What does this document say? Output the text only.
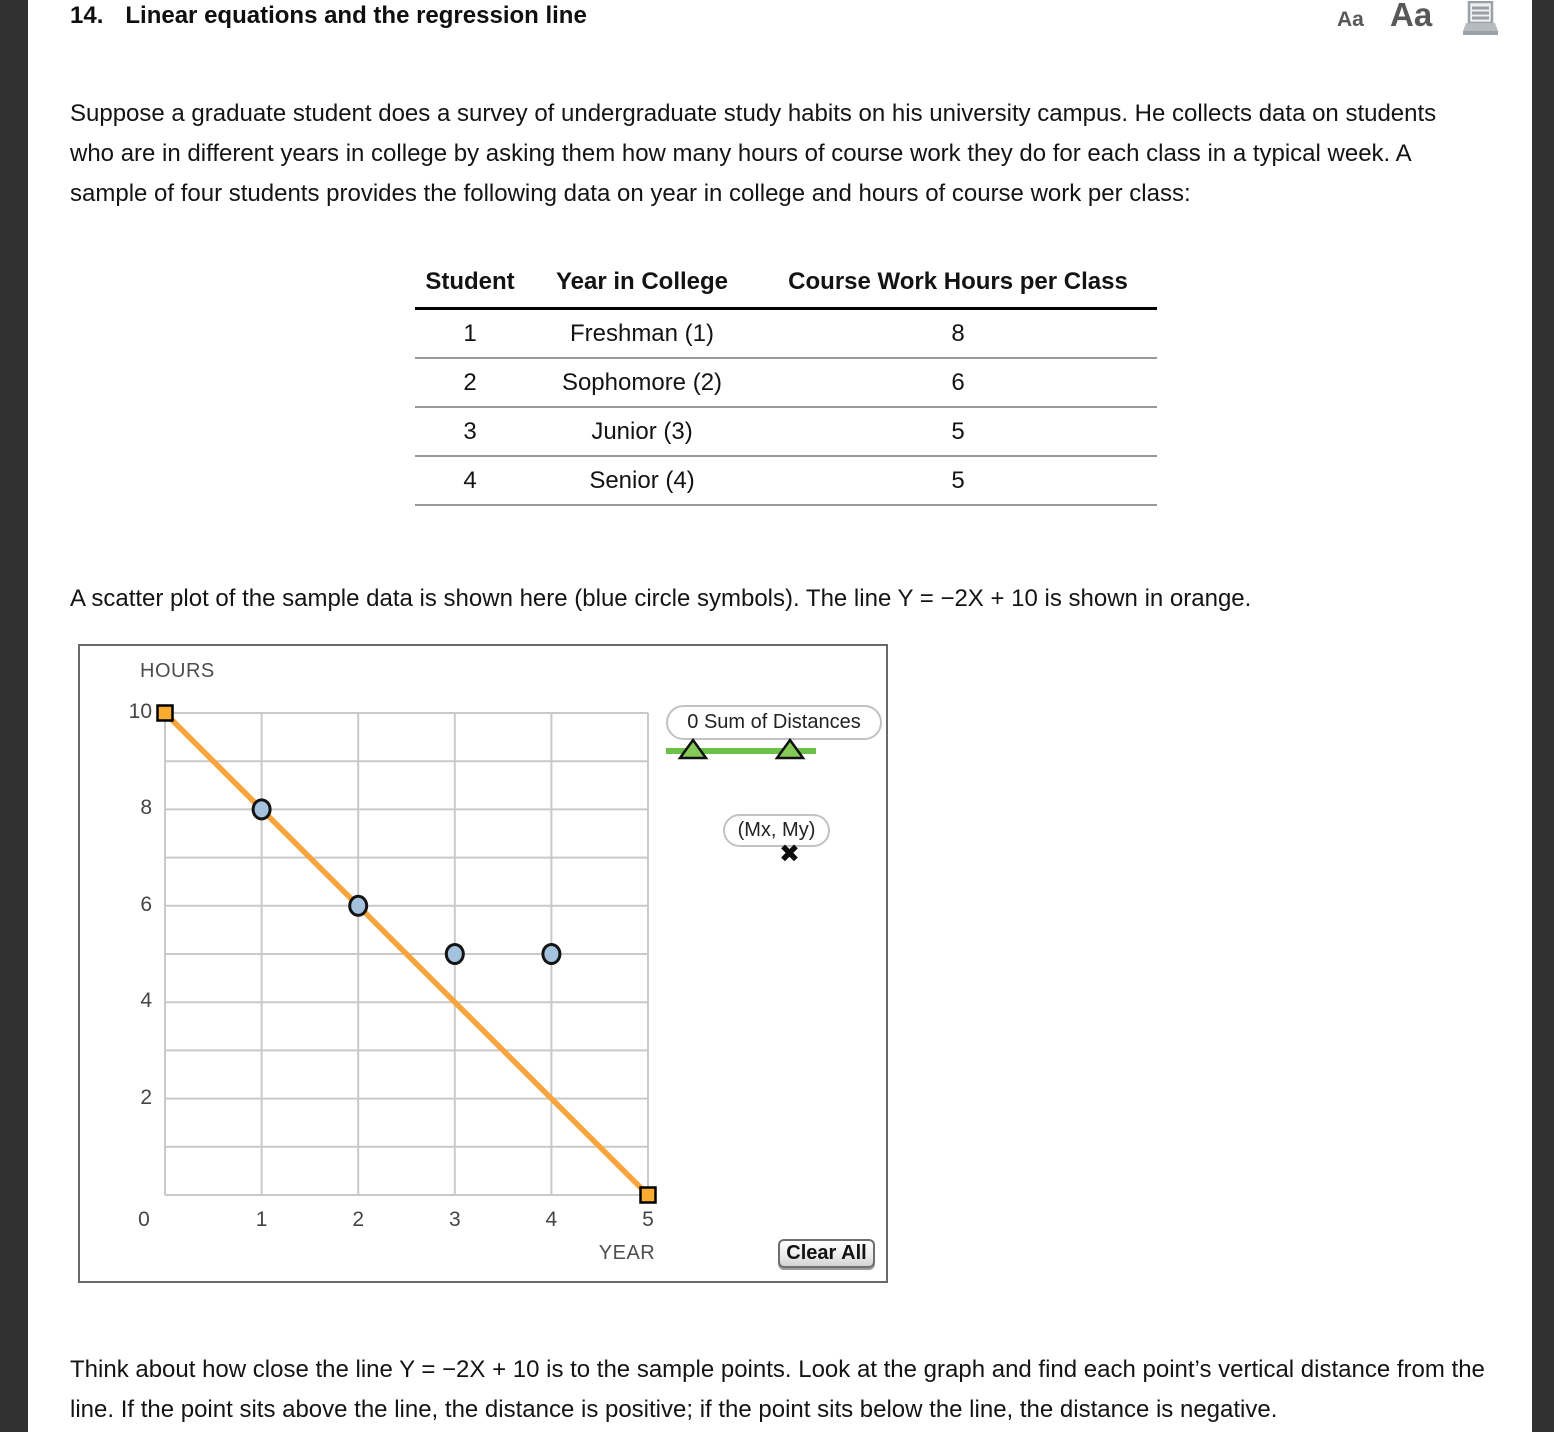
14. Linear equations and the regression line	Aa Aa

Suppose a graduate student does a survey of undergraduate study habits on his university campus. He collects data on students who are in different years in college by asking them how many hours of course work they do for each class in a typical week. A sample of four students provides the following data on year in college and hours of course work per class:

Student	Year in College	Course Work Hours per Class
1	Freshman (1)	8
2	Sophomore (2)	6
3	Junior (3)	5
4	Senior (4)	5

A scatter plot of the sample data is shown here (blue circle symbols). The line Y = −2X + 10 is shown in orange.

HOURS
YEAR
0 Sum of Distances
(Mx, My)
✖
Clear All
0	1	2	3	4	5
10
8
6
4
2

Think about how close the line Y = −2X + 10 is to the sample points. Look at the graph and find each point’s vertical distance from the line. If the point sits above the line, the distance is positive; if the point sits below the line, the distance is negative.
